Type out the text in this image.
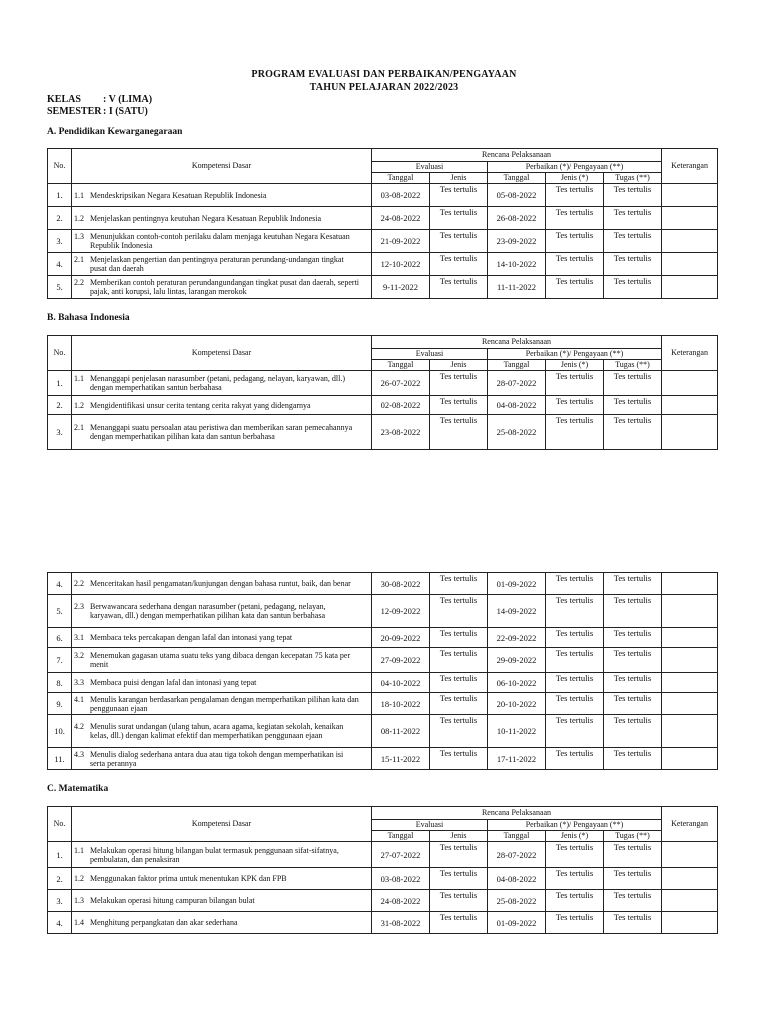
PROGRAM EVALUASI DAN PERBAIKAN/PENGAYAAN
TAHUN PELAJARAN 2022/2023
KELAS : V (LIMA)
SEMESTER : I (SATU)
A. Pendidikan Kewarganegaraan
No.	Kompetensi Dasar	Rencana Pelaksanaan					Keterangan
		Evaluasi		Perbaikan (*)/ Pengayaan (**)			
		Tanggal	Jenis	Tanggal	Jenis (*)	Tugas (**)	
1.	1.1 Mendeskripsikan Negara Kesatuan Republik Indonesia	03-08-2022	Tes tertulis	05-08-2022	Tes tertulis	Tes tertulis	
2.	1.2 Menjelaskan pentingnya keutuhan Negara Kesatuan Republik Indonesia	24-08-2022	Tes tertulis	26-08-2022	Tes tertulis	Tes tertulis	
3.	1.3 Menunjukkan contoh-contoh perilaku dalam menjaga keutuhan Negara Kesatuan Republik Indonesia	21-09-2022	Tes tertulis	23-09-2022	Tes tertulis	Tes tertulis	
4.	2.1 Menjelaskan pengertian dan pentingnya peraturan perundang-undangan tingkat pusat dan daerah	12-10-2022	Tes tertulis	14-10-2022	Tes tertulis	Tes tertulis	
5.	2.2 Memberikan contoh peraturan perundangundangan tingkat pusat dan daerah, seperti pajak, anti korupsi, lalu lintas, larangan merokok	9-11-2022	Tes tertulis	11-11-2022	Tes tertulis	Tes tertulis	
B. Bahasa Indonesia
No.	Kompetensi Dasar	Rencana Pelaksanaan					Keterangan
		Evaluasi		Perbaikan (*)/ Pengayaan (**)			
		Tanggal	Jenis	Tanggal	Jenis (*)	Tugas (**)	
1.	1.1 Menanggapi penjelasan narasumber (petani, pedagang, nelayan, karyawan, dll.) dengan memperhatikan santun berbahasa	26-07-2022	Tes tertulis	28-07-2022	Tes tertulis	Tes tertulis	
2.	1.2 Mengidentifikasi unsur cerita tentang cerita rakyat yang didengarnya	02-08-2022	Tes tertulis	04-08-2022	Tes tertulis	Tes tertulis	
3.	2.1 Menanggapi suatu persoalan atau peristiwa dan memberikan saran pemecahannya dengan memperhatikan pilihan kata dan santun berbahasa	23-08-2022	Tes tertulis	25-08-2022	Tes tertulis	Tes tertulis	
4.	2.2 Menceritakan hasil pengamatan/kunjungan dengan bahasa runtut, baik, dan benar	30-08-2022	Tes tertulis	01-09-2022	Tes tertulis	Tes tertulis	
5.	2.3 Berwawancara sederhana dengan narasumber (petani, pedagang, nelayan, karyawan, dll.) dengan memperhatikan pilihan kata dan santun berbahasa	12-09-2022	Tes tertulis	14-09-2022	Tes tertulis	Tes tertulis	
6.	3.1 Membaca teks percakapan dengan lafal dan intonasi yang tepat	20-09-2022	Tes tertulis	22-09-2022	Tes tertulis	Tes tertulis	
7.	3.2 Menemukan gagasan utama suatu teks yang dibaca dengan kecepatan 75 kata per menit	27-09-2022	Tes tertulis	29-09-2022	Tes tertulis	Tes tertulis	
8.	3.3 Membaca puisi dengan lafal dan intonasi yang tepat	04-10-2022	Tes tertulis	06-10-2022	Tes tertulis	Tes tertulis	
9.	4.1 Menulis karangan berdasarkan pengalaman dengan memperhatikan pilihan kata dan penggunaan ejaan	18-10-2022	Tes tertulis	20-10-2022	Tes tertulis	Tes tertulis	
10.	4.2 Menulis surat undangan (ulang tahun, acara agama, kegiatan sekolah, kenaikan kelas, dll.) dengan kalimat efektif dan memperhatikan penggunaan ejaan	08-11-2022	Tes tertulis	10-11-2022	Tes tertulis	Tes tertulis	
11.	4.3 Menulis dialog sederhana antara dua atau tiga tokoh dengan memperhatikan isi serta perannya	15-11-2022	Tes tertulis	17-11-2022	Tes tertulis	Tes tertulis	
C. Matematika
No.	Kompetensi Dasar	Rencana Pelaksanaan					Keterangan
		Evaluasi		Perbaikan (*)/ Pengayaan (**)			
		Tanggal	Jenis	Tanggal	Jenis (*)	Tugas (**)	
1.	1.1 Melakukan operasi hitung bilangan bulat termasuk penggunaan sifat-sifatnya, pembulatan, dan penaksiran	27-07-2022	Tes tertulis	28-07-2022	Tes tertulis	Tes tertulis	
2.	1.2 Menggunakan faktor prima untuk menentukan KPK dan FPB	03-08-2022	Tes tertulis	04-08-2022	Tes tertulis	Tes tertulis	
3.	1.3 Melakukan operasi hitung campuran bilangan bulat	24-08-2022	Tes tertulis	25-08-2022	Tes tertulis	Tes tertulis	
4.	1.4 Menghitung perpangkatan dan akar sederhana	31-08-2022	Tes tertulis	01-09-2022	Tes tertulis	Tes tertulis	
